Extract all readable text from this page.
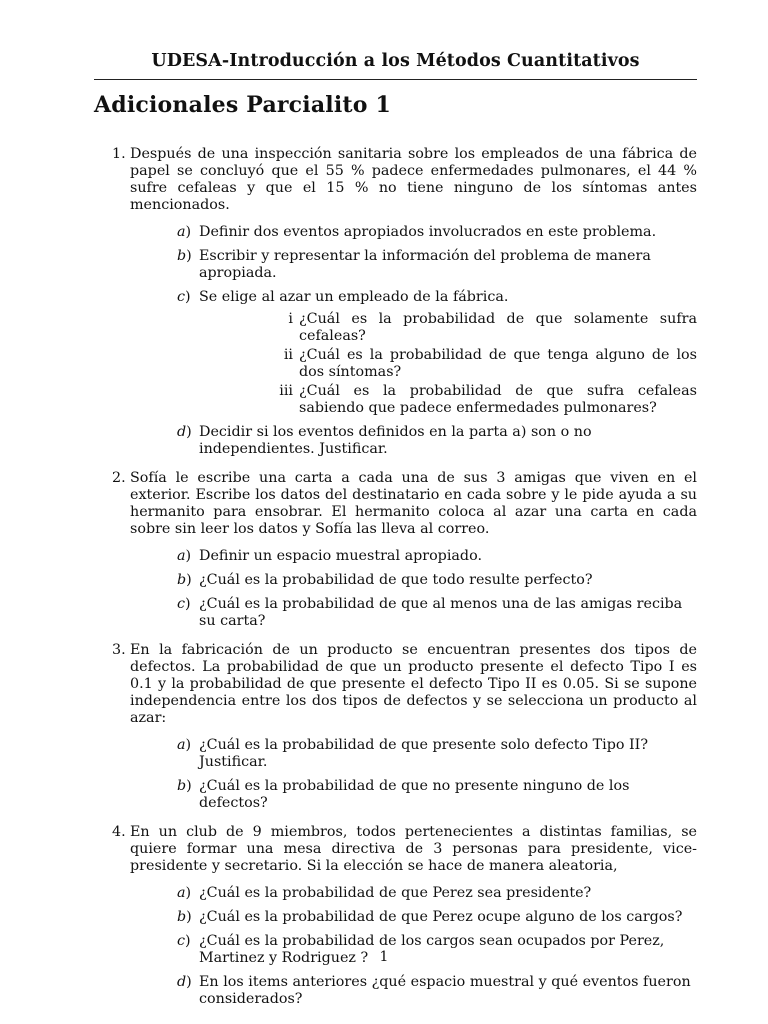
UDESA-Introducción a los Métodos Cuantitativos
Adicionales Parcialito 1
1. Después de una inspección sanitaria sobre los empleados de una fábrica de papel se concluyó que el 55 % padece enfermedades pulmonares, el 44 % sufre cefaleas y que el 15 % no tiene ninguno de los síntomas antes mencionados.
a) Definir dos eventos apropiados involucrados en este problema.
b) Escribir y representar la información del problema de manera apropiada.
c) Se elige al azar un empleado de la fábrica.
i ¿Cuál es la probabilidad de que solamente sufra cefaleas?
ii ¿Cuál es la probabilidad de que tenga alguno de los dos síntomas?
iii ¿Cuál es la probabilidad de que sufra cefaleas sabiendo que padece enfermedades pulmonares?
d) Decidir si los eventos definidos en la parta a) son o no independientes. Justificar.
2. Sofía le escribe una carta a cada una de sus 3 amigas que viven en el exterior. Escribe los datos del destinatario en cada sobre y le pide ayuda a su hermanito para ensobrar. El hermanito coloca al azar una carta en cada sobre sin leer los datos y Sofía las lleva al correo.
a) Definir un espacio muestral apropiado.
b) ¿Cuál es la probabilidad de que todo resulte perfecto?
c) ¿Cuál es la probabilidad de que al menos una de las amigas reciba su carta?
3. En la fabricación de un producto se encuentran presentes dos tipos de defectos. La probabilidad de que un producto presente el defecto Tipo I es 0.1 y la probabilidad de que presente el defecto Tipo II es 0.05. Si se supone independencia entre los dos tipos de defectos y se selecciona un producto al azar:
a) ¿Cuál es la probabilidad de que presente solo defecto Tipo II? Justificar.
b) ¿Cuál es la probabilidad de que no presente ninguno de los defectos?
4. En un club de 9 miembros, todos pertenecientes a distintas familias, se quiere formar una mesa directiva de 3 personas para presidente, vice-presidente y secretario. Si la elección se hace de manera aleatoria,
a) ¿Cuál es la probabilidad de que Perez sea presidente?
b) ¿Cuál es la probabilidad de que Perez ocupe alguno de los cargos?
c) ¿Cuál es la probabilidad de los cargos sean ocupados por Perez, Martinez y Rodriguez ?
d) En los items anteriores ¿qué espacio muestral y qué eventos fueron considerados?
1
